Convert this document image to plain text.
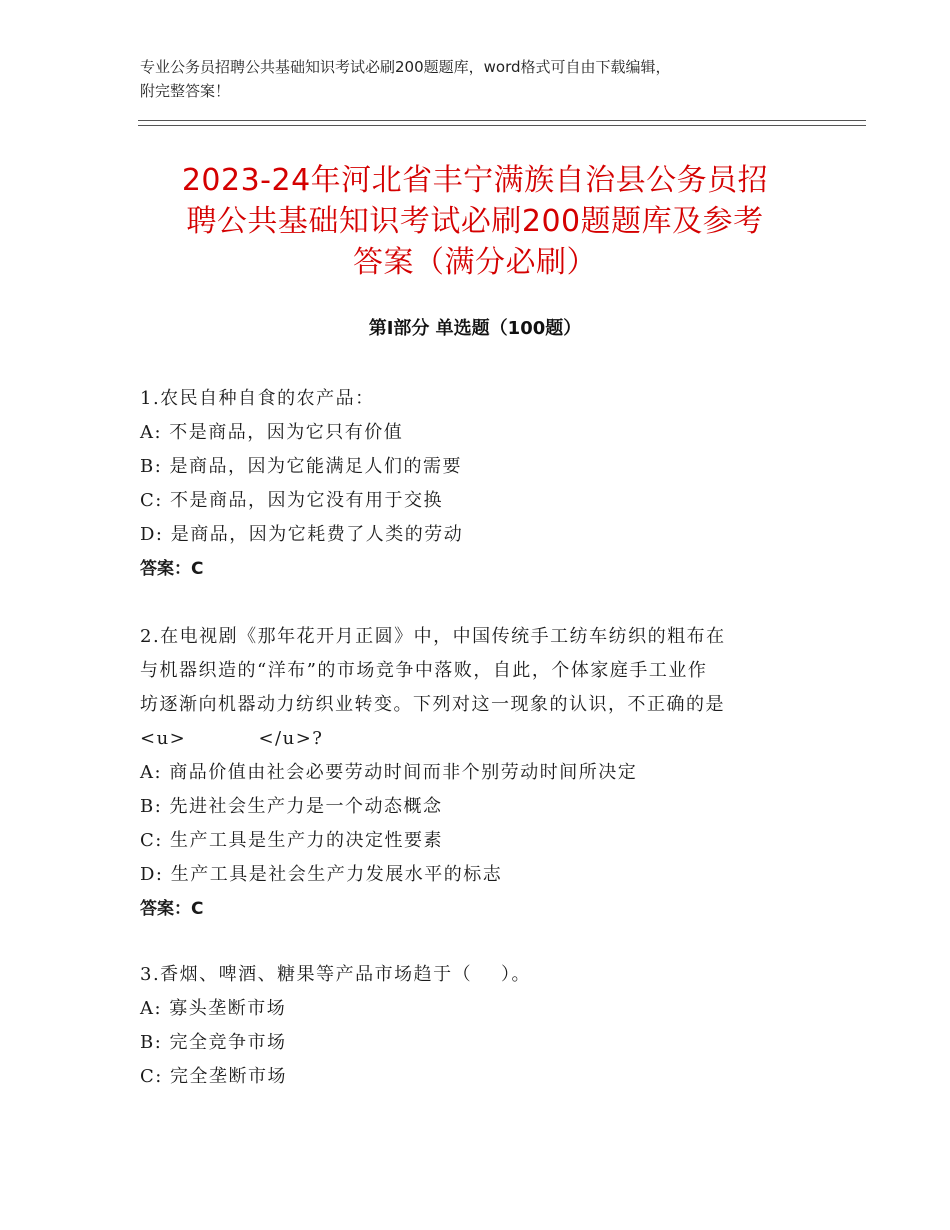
专业公务员招聘公共基础知识考试必刷200题题库，word格式可自由下载编辑，
附完整答案！
2023-24年河北省丰宁满族自治县公务员招
聘公共基础知识考试必刷200题题库及参考
答案（满分必刷）
第Ⅰ部分 单选题（100题）
1.农民自种自食的农产品：
A: 不是商品，因为它只有价值
B: 是商品，因为它能满足人们的需要
C: 不是商品，因为它没有用于交换
D: 是商品，因为它耗费了人类的劳动
答案：C
2.在电视剧《那年花开月正圆》中，中国传统手工纺车纺织的粗布在
与机器织造的“洋布”的市场竞争中落败，自此，个体家庭手工业作
坊逐渐向机器动力纺织业转变。下列对这一现象的认识，不正确的是
<u>          </u>?
A: 商品价值由社会必要劳动时间而非个别劳动时间所决定
B: 先进社会生产力是一个动态概念
C: 生产工具是生产力的决定性要素
D: 生产工具是社会生产力发展水平的标志
答案：C
3.香烟、啤酒、糖果等产品市场趋于（    ）。
A: 寡头垄断市场
B: 完全竞争市场
C: 完全垄断市场
